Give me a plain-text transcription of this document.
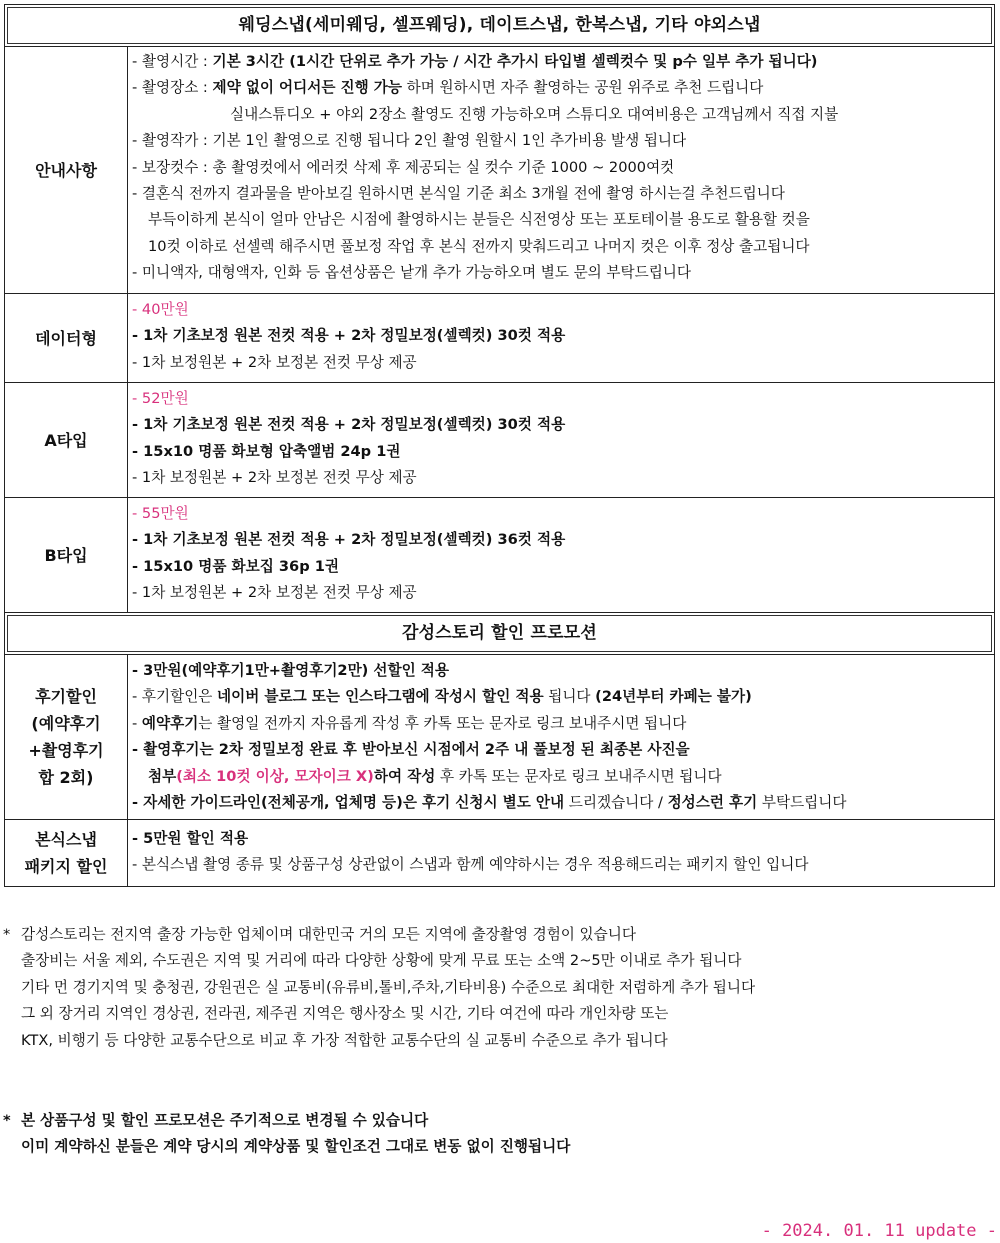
웨딩스냅(세미웨딩, 셀프웨딩), 데이트스냅, 한복스냅, 기타 야외스냅
안내사항
- 촬영시간 : 기본 3시간 (1시간 단위로 추가 가능 / 시간 추가시 타입별 셀렉컷수 및 p수 일부 추가 됩니다)
- 촬영장소 : 제약 없이 어디서든 진행 가능 하며 원하시면 자주 촬영하는 공원 위주로 추천 드립니다
실내스튜디오 + 야외 2장소 촬영도 진행 가능하오며 스튜디오 대여비용은 고객님께서 직접 지불
- 촬영작가 : 기본 1인 촬영으로 진행 됩니다 2인 촬영 원할시 1인 추가비용 발생 됩니다
- 보장컷수 : 총 촬영컷에서 에러컷 삭제 후 제공되는 실 컷수 기준 1000 ~ 2000여컷
- 결혼식 전까지 결과물을 받아보길 원하시면 본식일 기준 최소 3개월 전에 촬영 하시는걸 추천드립니다
부득이하게 본식이 얼마 안남은 시점에 촬영하시는 분들은 식전영상 또는 포토테이블 용도로 활용할 컷을
10컷 이하로 선셀렉 해주시면 풀보정 작업 후 본식 전까지 맞춰드리고 나머지 컷은 이후 정상 출고됩니다
- 미니액자, 대형액자, 인화 등 옵션상품은 낱개 추가 가능하오며 별도 문의 부탁드립니다
데이터형
- 40만원
- 1차 기초보정 원본 전컷 적용 + 2차 정밀보정(셀렉컷) 30컷 적용
- 1차 보정원본 + 2차 보정본 전컷 무상 제공
A타입
- 52만원
- 1차 기초보정 원본 전컷 적용 + 2차 정밀보정(셀렉컷) 30컷 적용
- 15x10 명품 화보형 압축앨범 24p 1권
- 1차 보정원본 + 2차 보정본 전컷 무상 제공
B타입
- 55만원
- 1차 기초보정 원본 전컷 적용 + 2차 정밀보정(셀렉컷) 36컷 적용
- 15x10 명품 화보집 36p 1권
- 1차 보정원본 + 2차 보정본 전컷 무상 제공
감성스토리 할인 프로모션
후기할인
(예약후기
+촬영후기
합 2회)
- 3만원(예약후기1만+촬영후기2만) 선할인 적용
- 후기할인은 네이버 블로그 또는 인스타그램에 작성시 할인 적용 됩니다 (24년부터 카페는 불가)
- 예약후기는 촬영일 전까지 자유롭게 작성 후 카톡 또는 문자로 링크 보내주시면 됩니다
- 촬영후기는 2차 정밀보정 완료 후 받아보신 시점에서 2주 내 풀보정 된 최종본 사진을
첨부(최소 10컷 이상, 모자이크 X)하여 작성 후 카톡 또는 문자로 링크 보내주시면 됩니다
- 자세한 가이드라인(전체공개, 업체명 등)은 후기 신청시 별도 안내 드리겠습니다 / 정성스런 후기 부탁드립니다
본식스냅
패키지 할인
- 5만원 할인 적용
- 본식스냅 촬영 종류 및 상품구성 상관없이 스냅과 함께 예약하시는 경우 적용해드리는 패키지 할인 입니다
* 감성스토리는 전지역 출장 가능한 업체이며 대한민국 거의 모든 지역에 출장촬영 경험이 있습니다
출장비는 서울 제외, 수도권은 지역 및 거리에 따라 다양한 상황에 맞게 무료 또는 소액 2~5만 이내로 추가 됩니다
기타 먼 경기지역 및 충청권, 강원권은 실 교통비(유류비,톨비,주차,기타비용) 수준으로 최대한 저렴하게 추가 됩니다
그 외 장거리 지역인 경상권, 전라권, 제주권 지역은 행사장소 및 시간, 기타 여건에 따라 개인차량 또는
KTX, 비행기 등 다양한 교통수단으로 비교 후 가장 적합한 교통수단의 실 교통비 수준으로 추가 됩니다
* 본 상품구성 및 할인 프로모션은 주기적으로 변경될 수 있습니다
이미 계약하신 분들은 계약 당시의 계약상품 및 할인조건 그대로 변동 없이 진행됩니다
- 2024. 01. 11 update -
